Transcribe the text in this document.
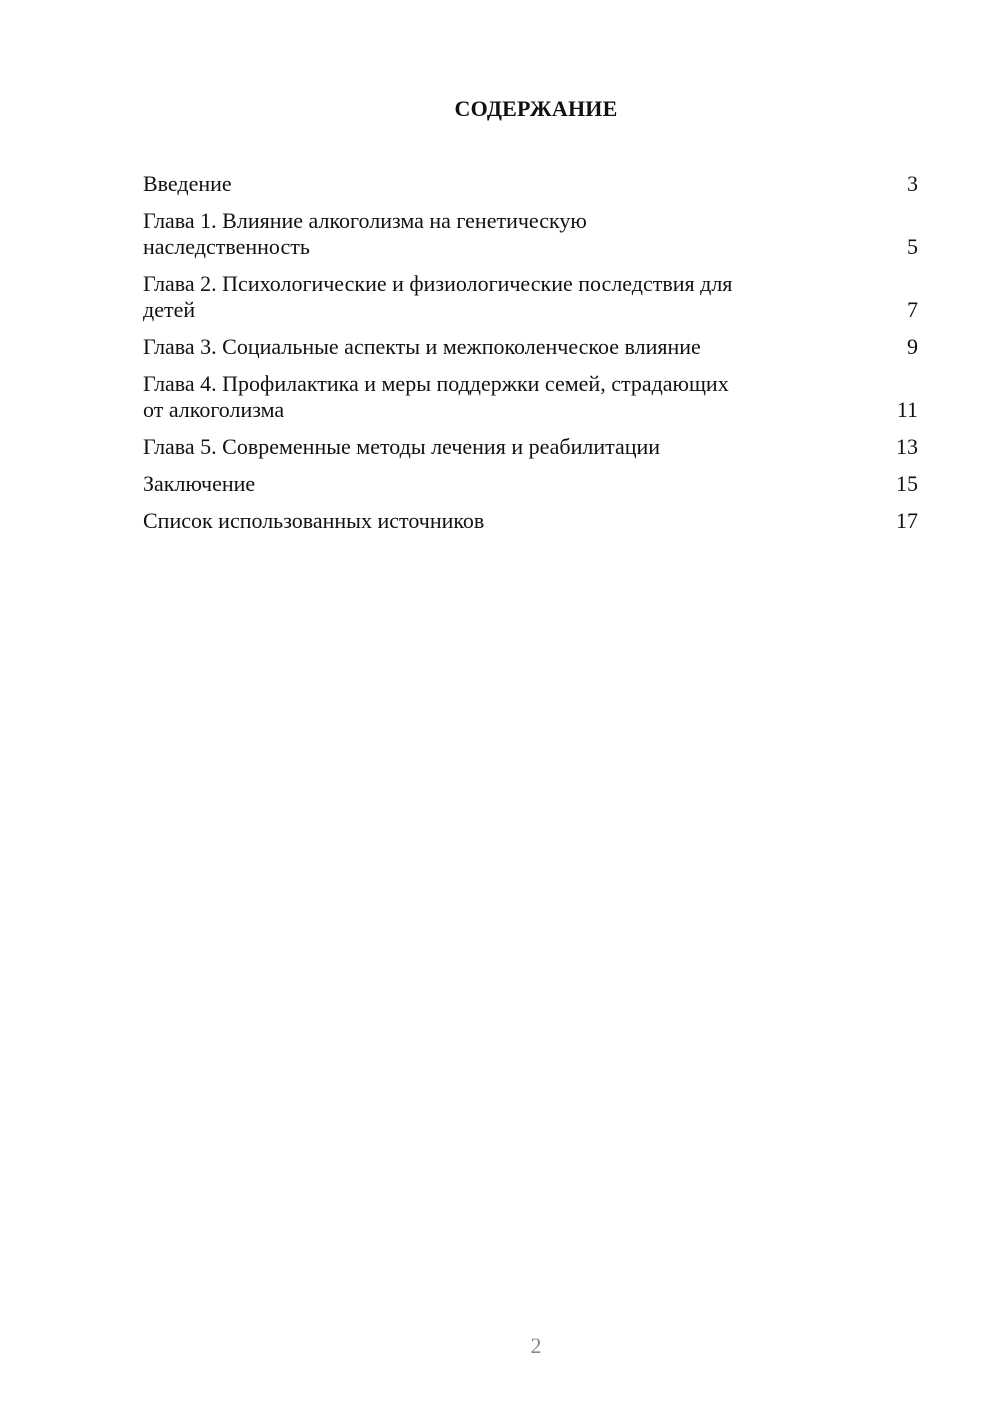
СОДЕРЖАНИЕ
Введение	3
Глава 1. Влияние алкоголизма на генетическую
наследственность	5
Глава 2. Психологические и физиологические последствия для
детей	7
Глава 3. Социальные аспекты и межпоколенческое влияние	9
Глава 4. Профилактика и меры поддержки семей, страдающих
от алкоголизма	11
Глава 5. Современные методы лечения и реабилитации	13
Заключение	15
Список использованных источников	17
2
